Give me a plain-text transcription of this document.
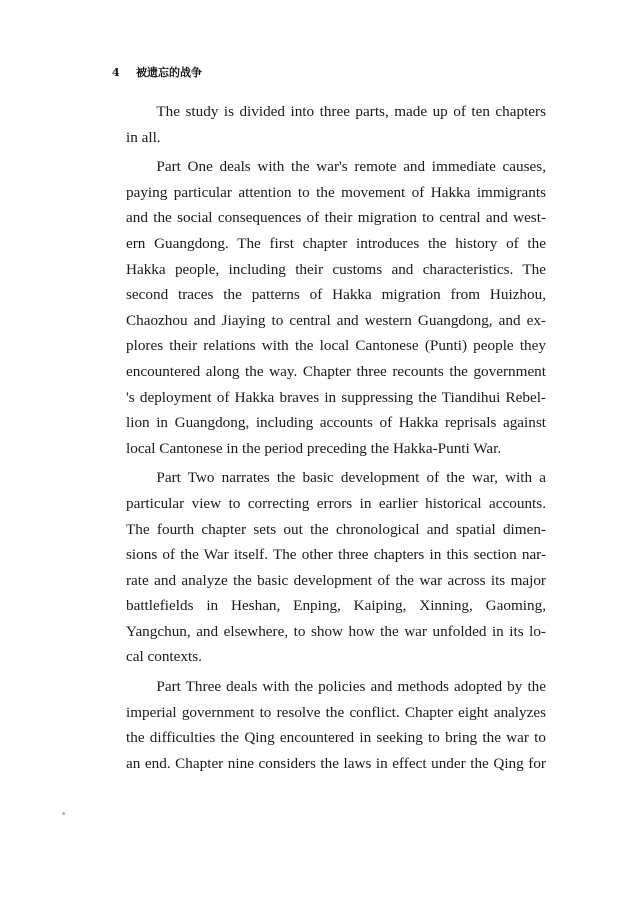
4 被遗忘的战争
The study is divided into three parts, made up of ten chapters
in all.
Part One deals with the war's remote and immediate causes,
paying particular attention to the movement of Hakka immigrants
and the social consequences of their migration to central and west-
ern Guangdong. The first chapter introduces the history of the
Hakka people, including their customs and characteristics. The
second traces the patterns of Hakka migration from Huizhou,
Chaozhou and Jiaying to central and western Guangdong, and ex-
plores their relations with the local Cantonese (Punti) people they
encountered along the way. Chapter three recounts the government
's deployment of Hakka braves in suppressing the Tiandihui Rebel-
lion in Guangdong, including accounts of Hakka reprisals against
local Cantonese in the period preceding the Hakka-Punti War.
Part Two narrates the basic development of the war, with a
particular view to correcting errors in earlier historical accounts.
The fourth chapter sets out the chronological and spatial dimen-
sions of the War itself. The other three chapters in this section nar-
rate and analyze the basic development of the war across its major
battlefields in Heshan, Enping, Kaiping, Xinning, Gaoming,
Yangchun, and elsewhere, to show how the war unfolded in its lo-
cal contexts.
Part Three deals with the policies and methods adopted by the
imperial government to resolve the conflict. Chapter eight analyzes
the difficulties the Qing encountered in seeking to bring the war to
an end. Chapter nine considers the laws in effect under the Qing for
